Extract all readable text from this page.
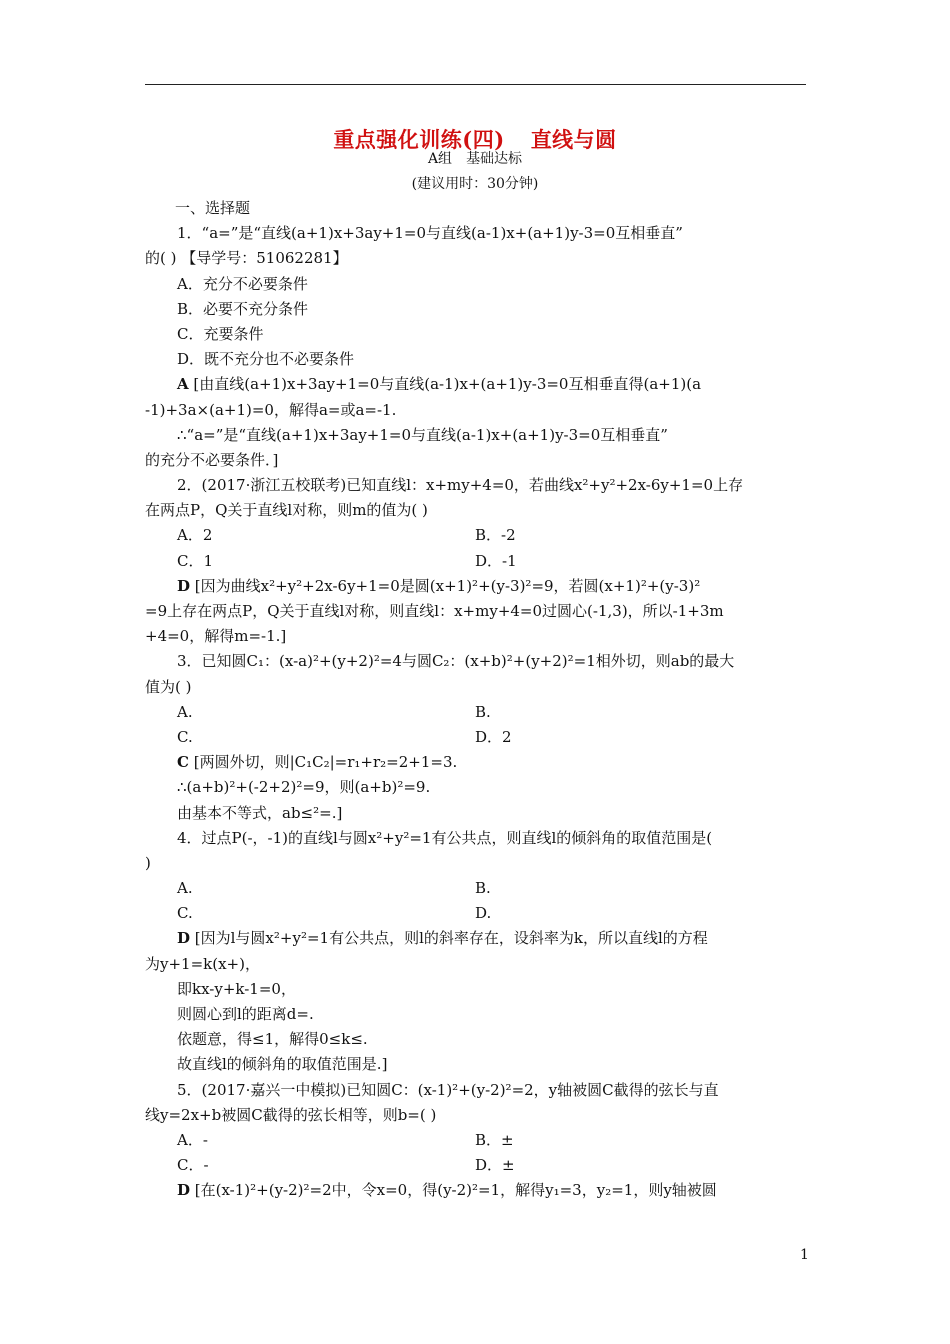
重点强化训练(四) 直线与圆
A组 基础达标
(建议用时：30分钟)
一、选择题
1．“a=”是“直线(a+1)x+3ay+1=0与直线(a-1)x+(a+1)y-3=0互相垂直”
的( ) 【导学号：51062281】
A．充分不必要条件
B．必要不充分条件
C．充要条件
D．既不充分也不必要条件
A [由直线(a+1)x+3ay+1=0与直线(a-1)x+(a+1)y-3=0互相垂直得(a+1)(a
-1)+3a×(a+1)=0，解得a=或a=-1.
∴“a=”是“直线(a+1)x+3ay+1=0与直线(a-1)x+(a+1)y-3=0互相垂直”
的充分不必要条件．]
2．(2017·浙江五校联考)已知直线l：x+my+4=0，若曲线x²+y²+2x-6y+1=0上存
在两点P，Q关于直线l对称，则m的值为( )
A．2	B．-2
C．1	D．-1
D [因为曲线x²+y²+2x-6y+1=0是圆(x+1)²+(y-3)²=9，若圆(x+1)²+(y-3)²
=9上存在两点P，Q关于直线l对称，则直线l：x+my+4=0过圆心(-1,3)，所以-1+3m
+4=0，解得m=-1.]
3．已知圆C₁：(x-a)²+(y+2)²=4与圆C₂：(x+b)²+(y+2)²=1相外切，则ab的最大
值为( )
A.	B.
C.	D．2
C [两圆外切，则|C₁C₂|=r₁+r₂=2+1=3.
∴(a+b)²+(-2+2)²=9，则(a+b)²=9.
由基本不等式，ab≤²=.]
4．过点P(-，-1)的直线l与圆x²+y²=1有公共点，则直线l的倾斜角的取值范围是(
)
A.	B.
C.	D.
D [因为l与圆x²+y²=1有公共点，则l的斜率存在，设斜率为k，所以直线l的方程
为y+1=k(x+)，
即kx-y+k-1=0，
则圆心到l的距离d=.
依题意，得≤1，解得0≤k≤.
故直线l的倾斜角的取值范围是.]
5．(2017·嘉兴一中模拟)已知圆C：(x-1)²+(y-2)²=2，y轴被圆C截得的弦长与直
线y=2x+b被圆C截得的弦长相等，则b=( )
A．-	B．±
C．-	D．±
D [在(x-1)²+(y-2)²=2中，令x=0，得(y-2)²=1，解得y₁=3，y₂=1，则y轴被圆
1
